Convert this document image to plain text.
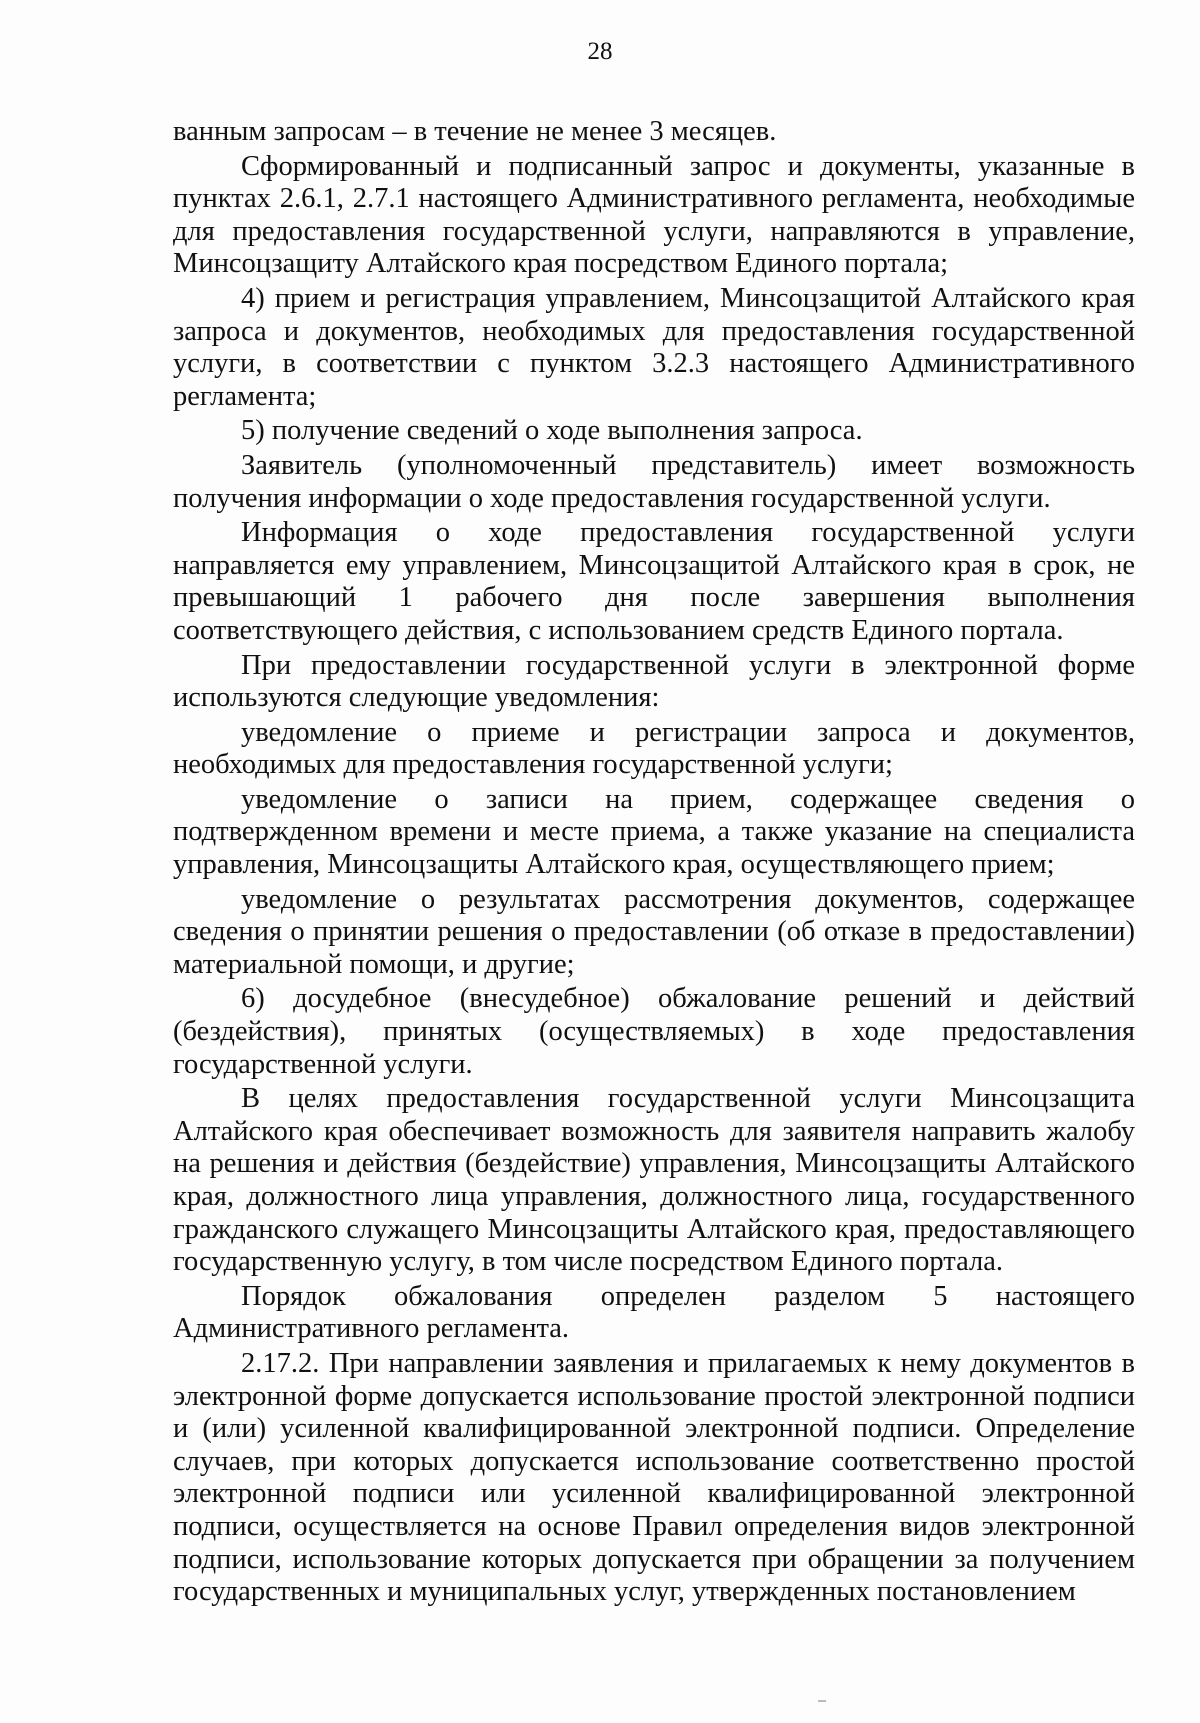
28

ванным запросам – в течение не менее 3 месяцев.

Сформированный и подписанный запрос и документы, указанные в пунктах 2.6.1, 2.7.1 настоящего Административного регламента, необходимые для предоставления государственной услуги, направляются в управление, Минсоцзащиту Алтайского края посредством Единого портала;

4) прием и регистрация управлением, Минсоцзащитой Алтайского края запроса и документов, необходимых для предоставления государственной услуги, в соответствии с пунктом 3.2.3 настоящего Административного регламента;

5) получение сведений о ходе выполнения запроса.

Заявитель (уполномоченный представитель) имеет возможность получения информации о ходе предоставления государственной услуги.

Информация о ходе предоставления государственной услуги направляется ему управлением, Минсоцзащитой Алтайского края в срок, не превышающий 1 рабочего дня после завершения выполнения соответствующего действия, с использованием средств Единого портала.

При предоставлении государственной услуги в электронной форме используются следующие уведомления:

уведомление о приеме и регистрации запроса и документов, необходимых для предоставления государственной услуги;

уведомление о записи на прием, содержащее сведения о подтвержденном времени и месте приема, а также указание на специалиста управления, Минсоцзащиты Алтайского края, осуществляющего прием;

уведомление о результатах рассмотрения документов, содержащее сведения о принятии решения о предоставлении (об отказе в предоставлении) материальной помощи, и другие;

6) досудебное (внесудебное) обжалование решений и действий (бездействия), принятых (осуществляемых) в ходе предоставления государственной услуги.

В целях предоставления государственной услуги Минсоцзащита Алтайского края обеспечивает возможность для заявителя направить жалобу на решения и действия (бездействие) управления, Минсоцзащиты Алтайского края, должностного лица управления, должностного лица, государственного гражданского служащего Минсоцзащиты Алтайского края, предоставляющего государственную услугу, в том числе посредством Единого портала.

Порядок обжалования определен разделом 5 настоящего Административного регламента.

2.17.2. При направлении заявления и прилагаемых к нему документов в электронной форме допускается использование простой электронной подписи и (или) усиленной квалифицированной электронной подписи. Определение случаев, при которых допускается использование соответственно простой электронной подписи или усиленной квалифицированной электронной подписи, осуществляется на основе Правил определения видов электронной подписи, использование которых допускается при обращении за получением государственных и муниципальных услуг, утвержденных постановлением
